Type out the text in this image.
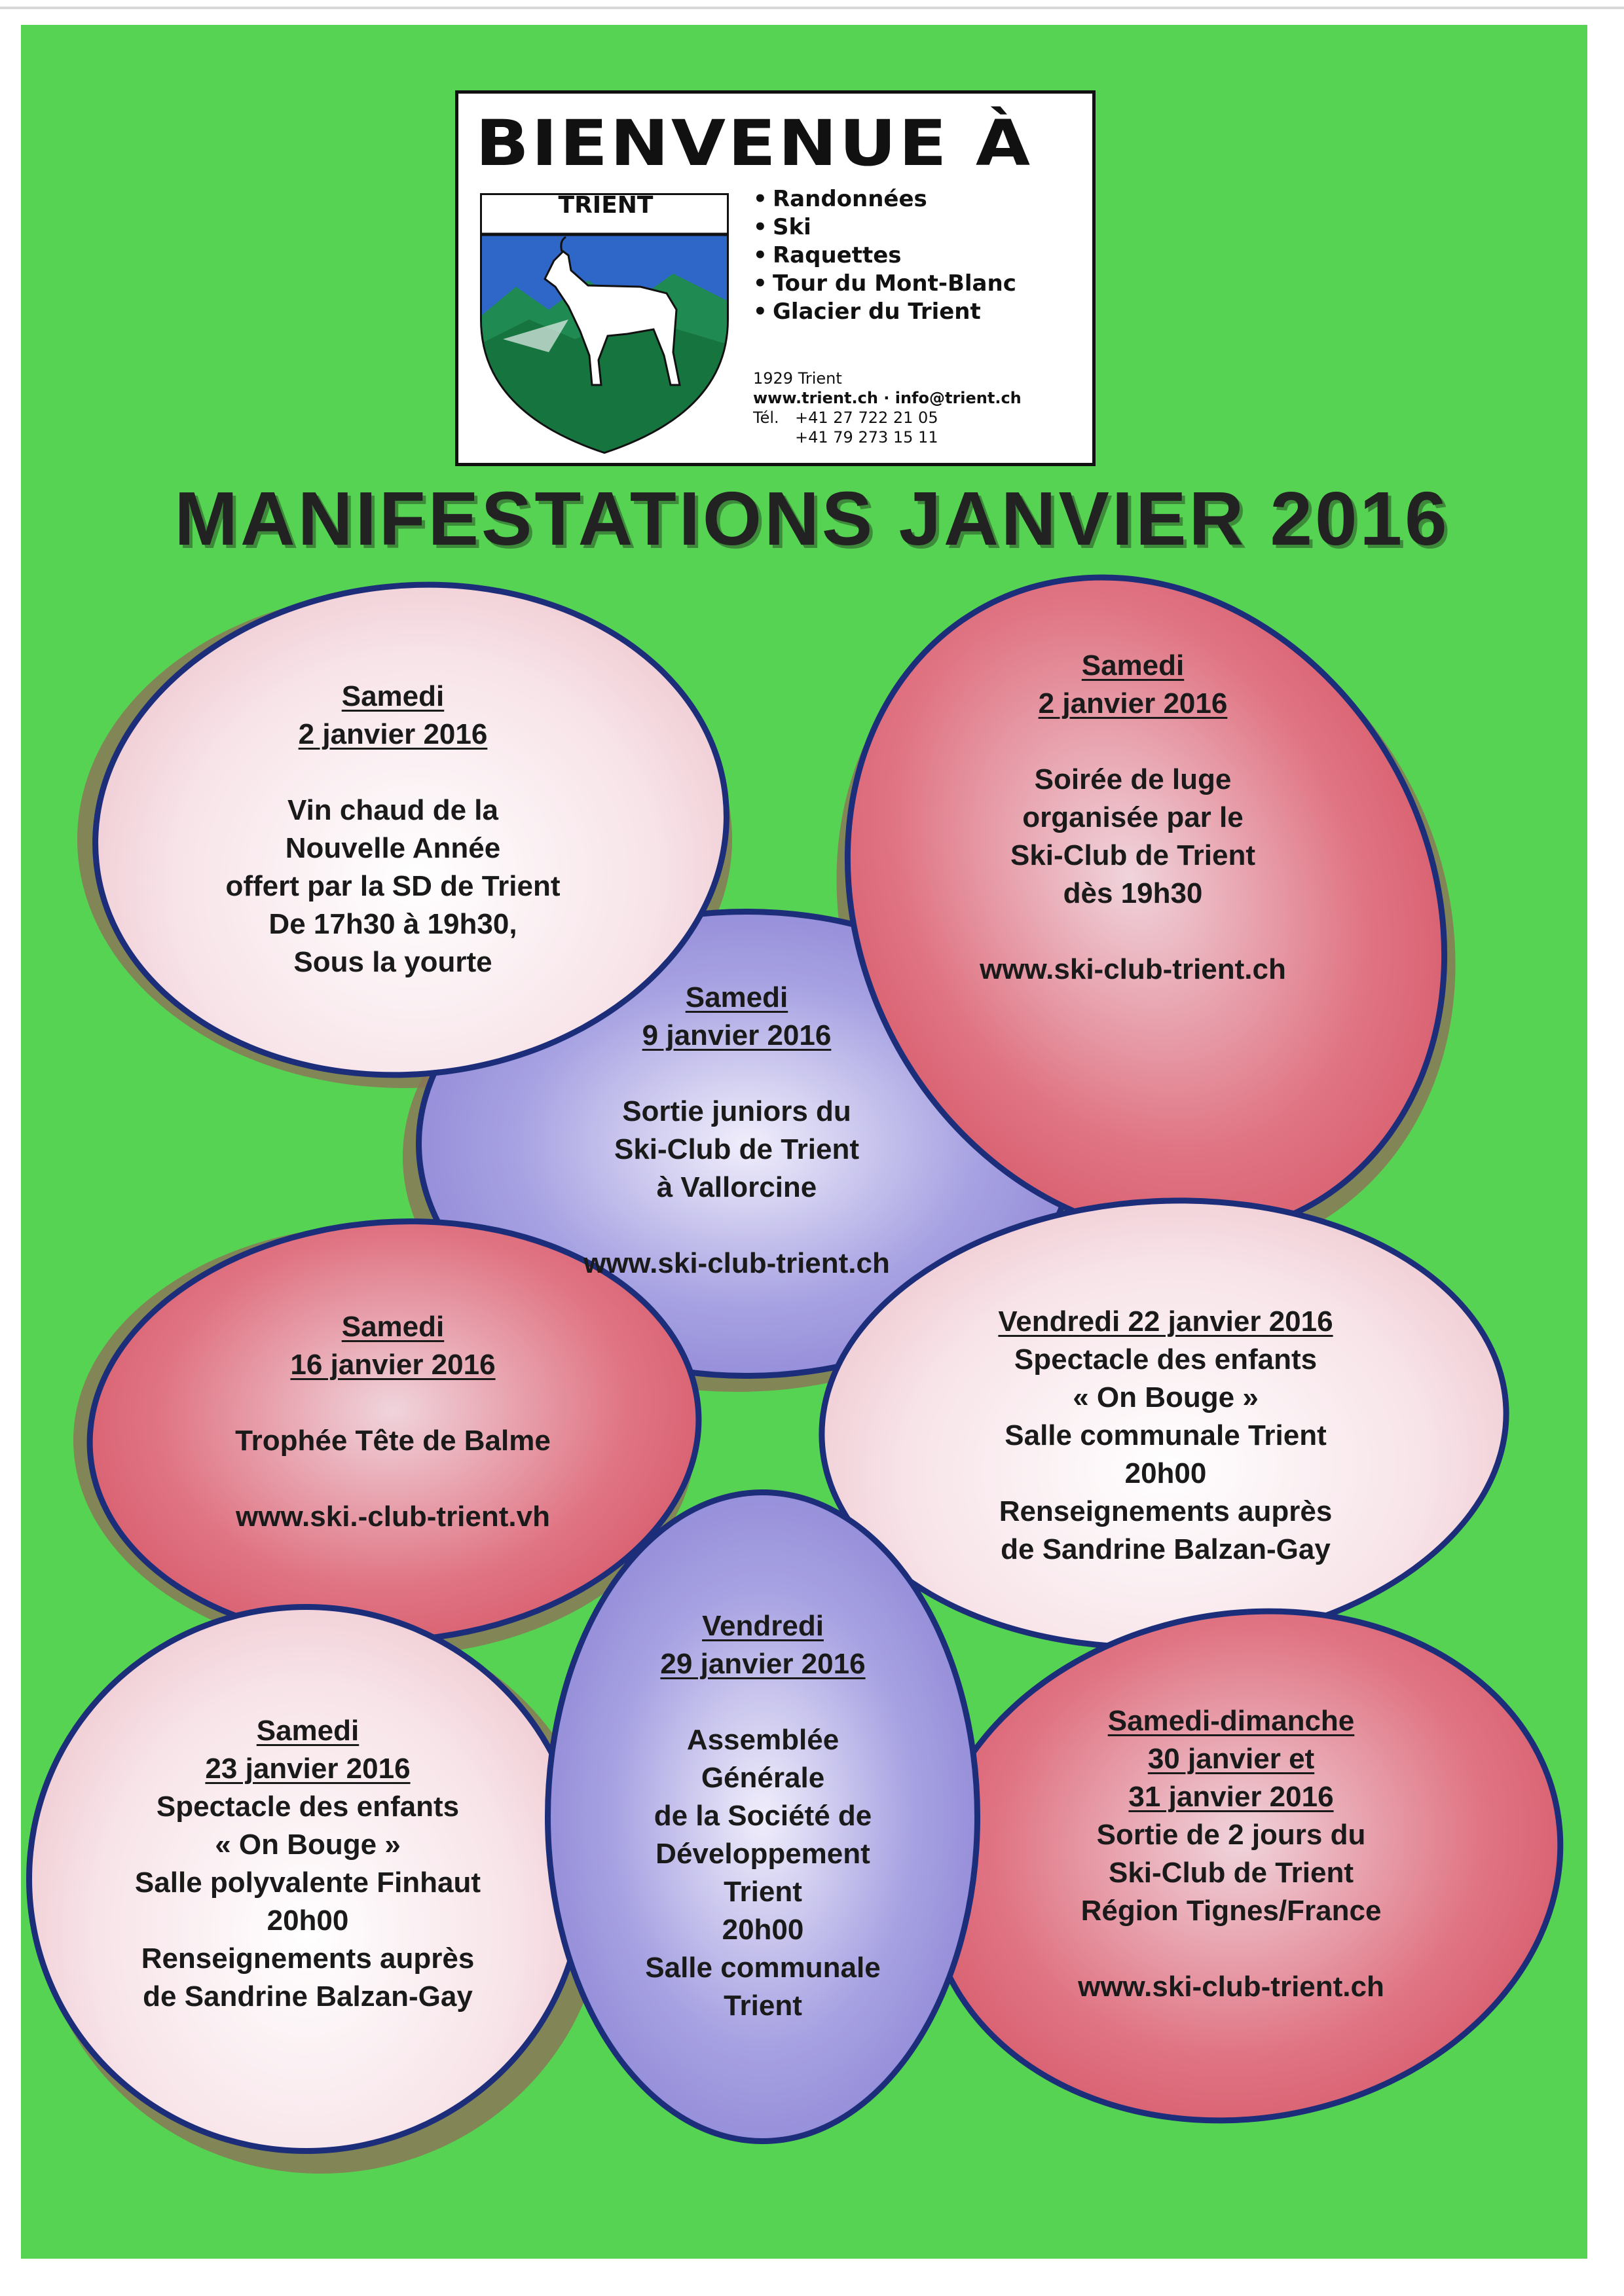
BIENVENUE À
TRIENT	• Randonnées
• Ski
• Raquettes
• Tour du Mont-Blanc
• Glacier du Trient
1929 Trient
www.trient.ch · info@trient.ch
Tél. +41 27 722 21 05
+41 79 273 15 11
MANIFESTATIONS JANVIER 2016
Samedi
2 janvier 2016
Vin chaud de la
Nouvelle Année
offert par la SD de Trient
De 17h30 à 19h30,
Sous la yourte
Samedi
2 janvier 2016
Soirée de luge
organisée par le
Ski-Club de Trient
dès 19h30
www.ski-club-trient.ch
Samedi
9 janvier 2016
Sortie juniors du
Ski-Club de Trient
à Vallorcine
www.ski-club-trient.ch
Samedi
16 janvier 2016
Trophée Tête de Balme
www.ski.-club-trient.vh
Vendredi 22 janvier 2016
Spectacle des enfants
« On Bouge »
Salle communale Trient
20h00
Renseignements auprès
de Sandrine Balzan-Gay
Samedi
23 janvier 2016
Spectacle des enfants
« On Bouge »
Salle polyvalente Finhaut
20h00
Renseignements auprès
de Sandrine Balzan-Gay
Vendredi
29 janvier 2016
Assemblée
Générale
de la Société de
Développement
Trient
20h00
Salle communale
Trient
Samedi-dimanche
30 janvier et
31 janvier 2016
Sortie de 2 jours du
Ski-Club de Trient
Région Tignes/France
www.ski-club-trient.ch
